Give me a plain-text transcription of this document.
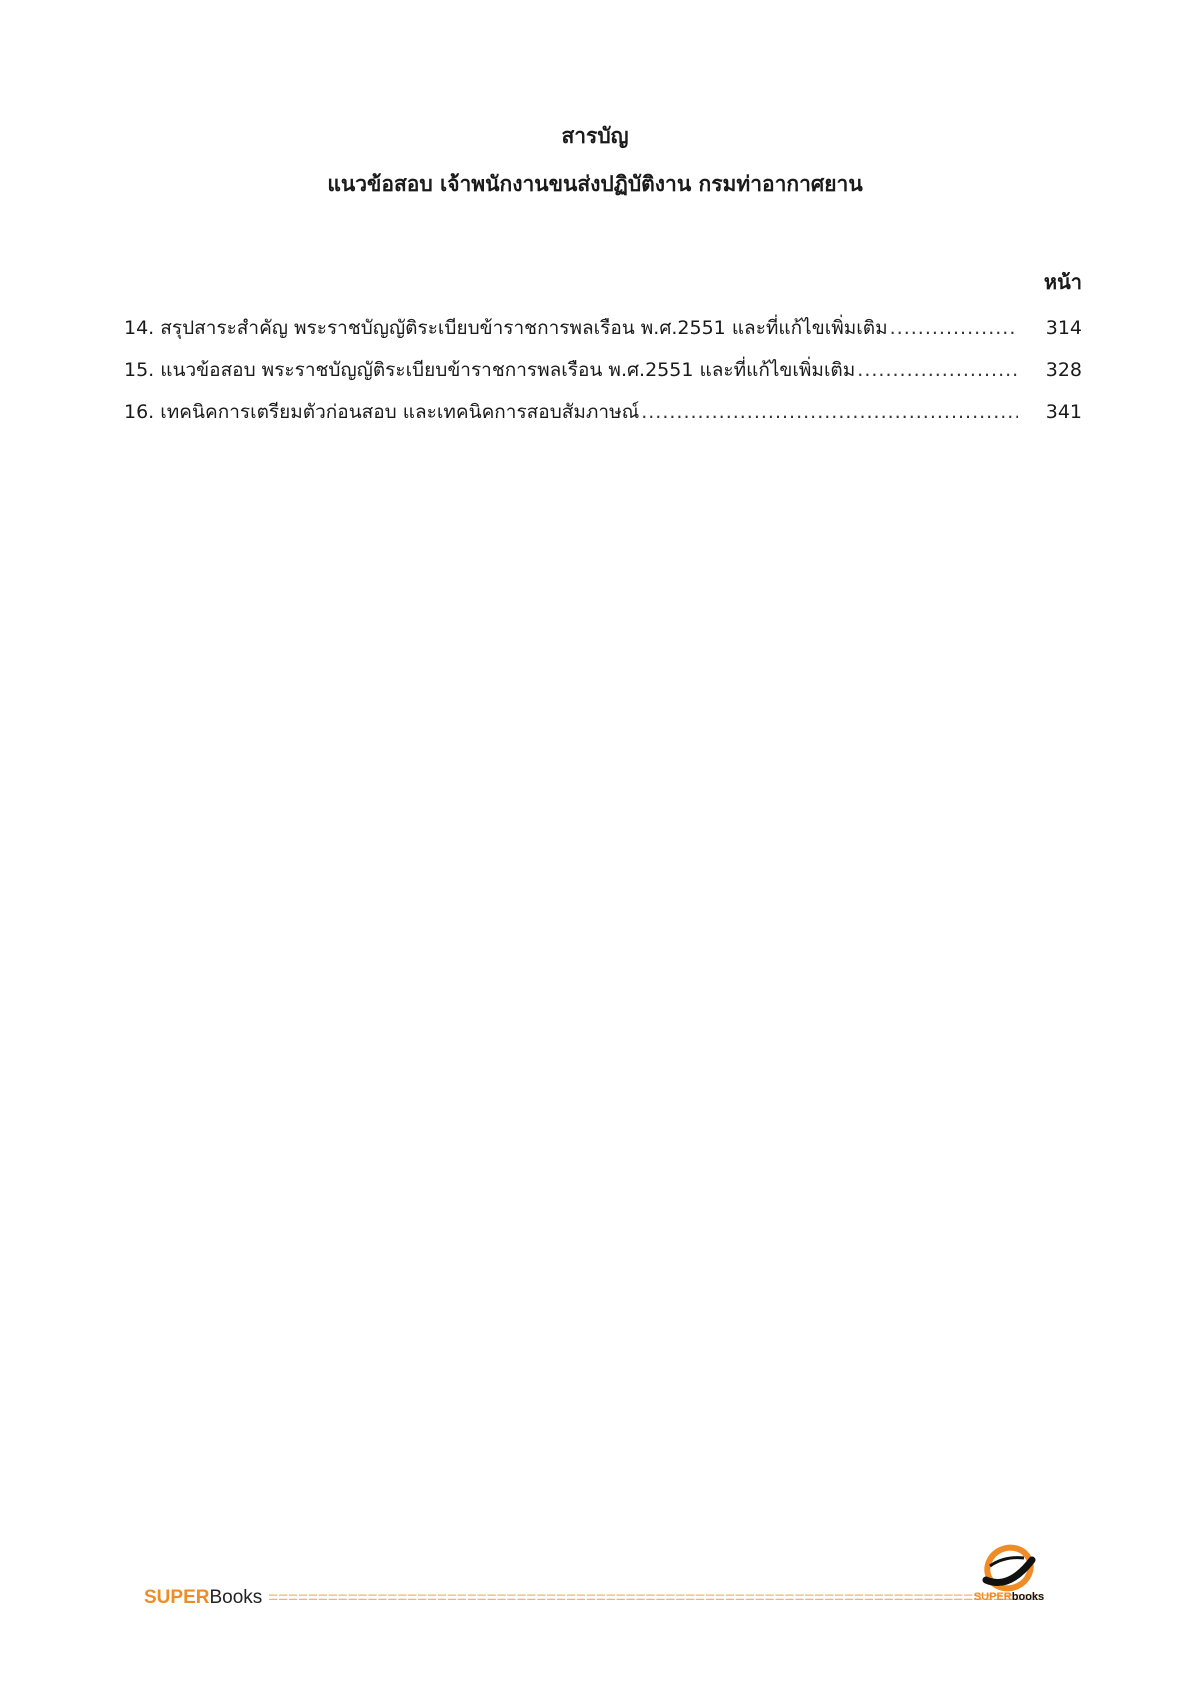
สารบัญ
แนวข้อสอบ เจ้าพนักงานขนส่งปฏิบัติงาน กรมท่าอากาศยาน
หน้า
14. สรุปสาระสำคัญ พระราชบัญญัติระเบียบข้าราชการพลเรือน พ.ศ.2551 และที่แก้ไขเพิ่มเติม .....	314
15. แนวข้อสอบ พระราชบัญญัติระเบียบข้าราชการพลเรือน พ.ศ.2551 และที่แก้ไขเพิ่มเติม .....	328
16. เทคนิคการเตรียมตัวก่อนสอบ และเทคนิคการสอบสัมภาษณ์ .....	341
SUPER Books =====	SUPERbooks
